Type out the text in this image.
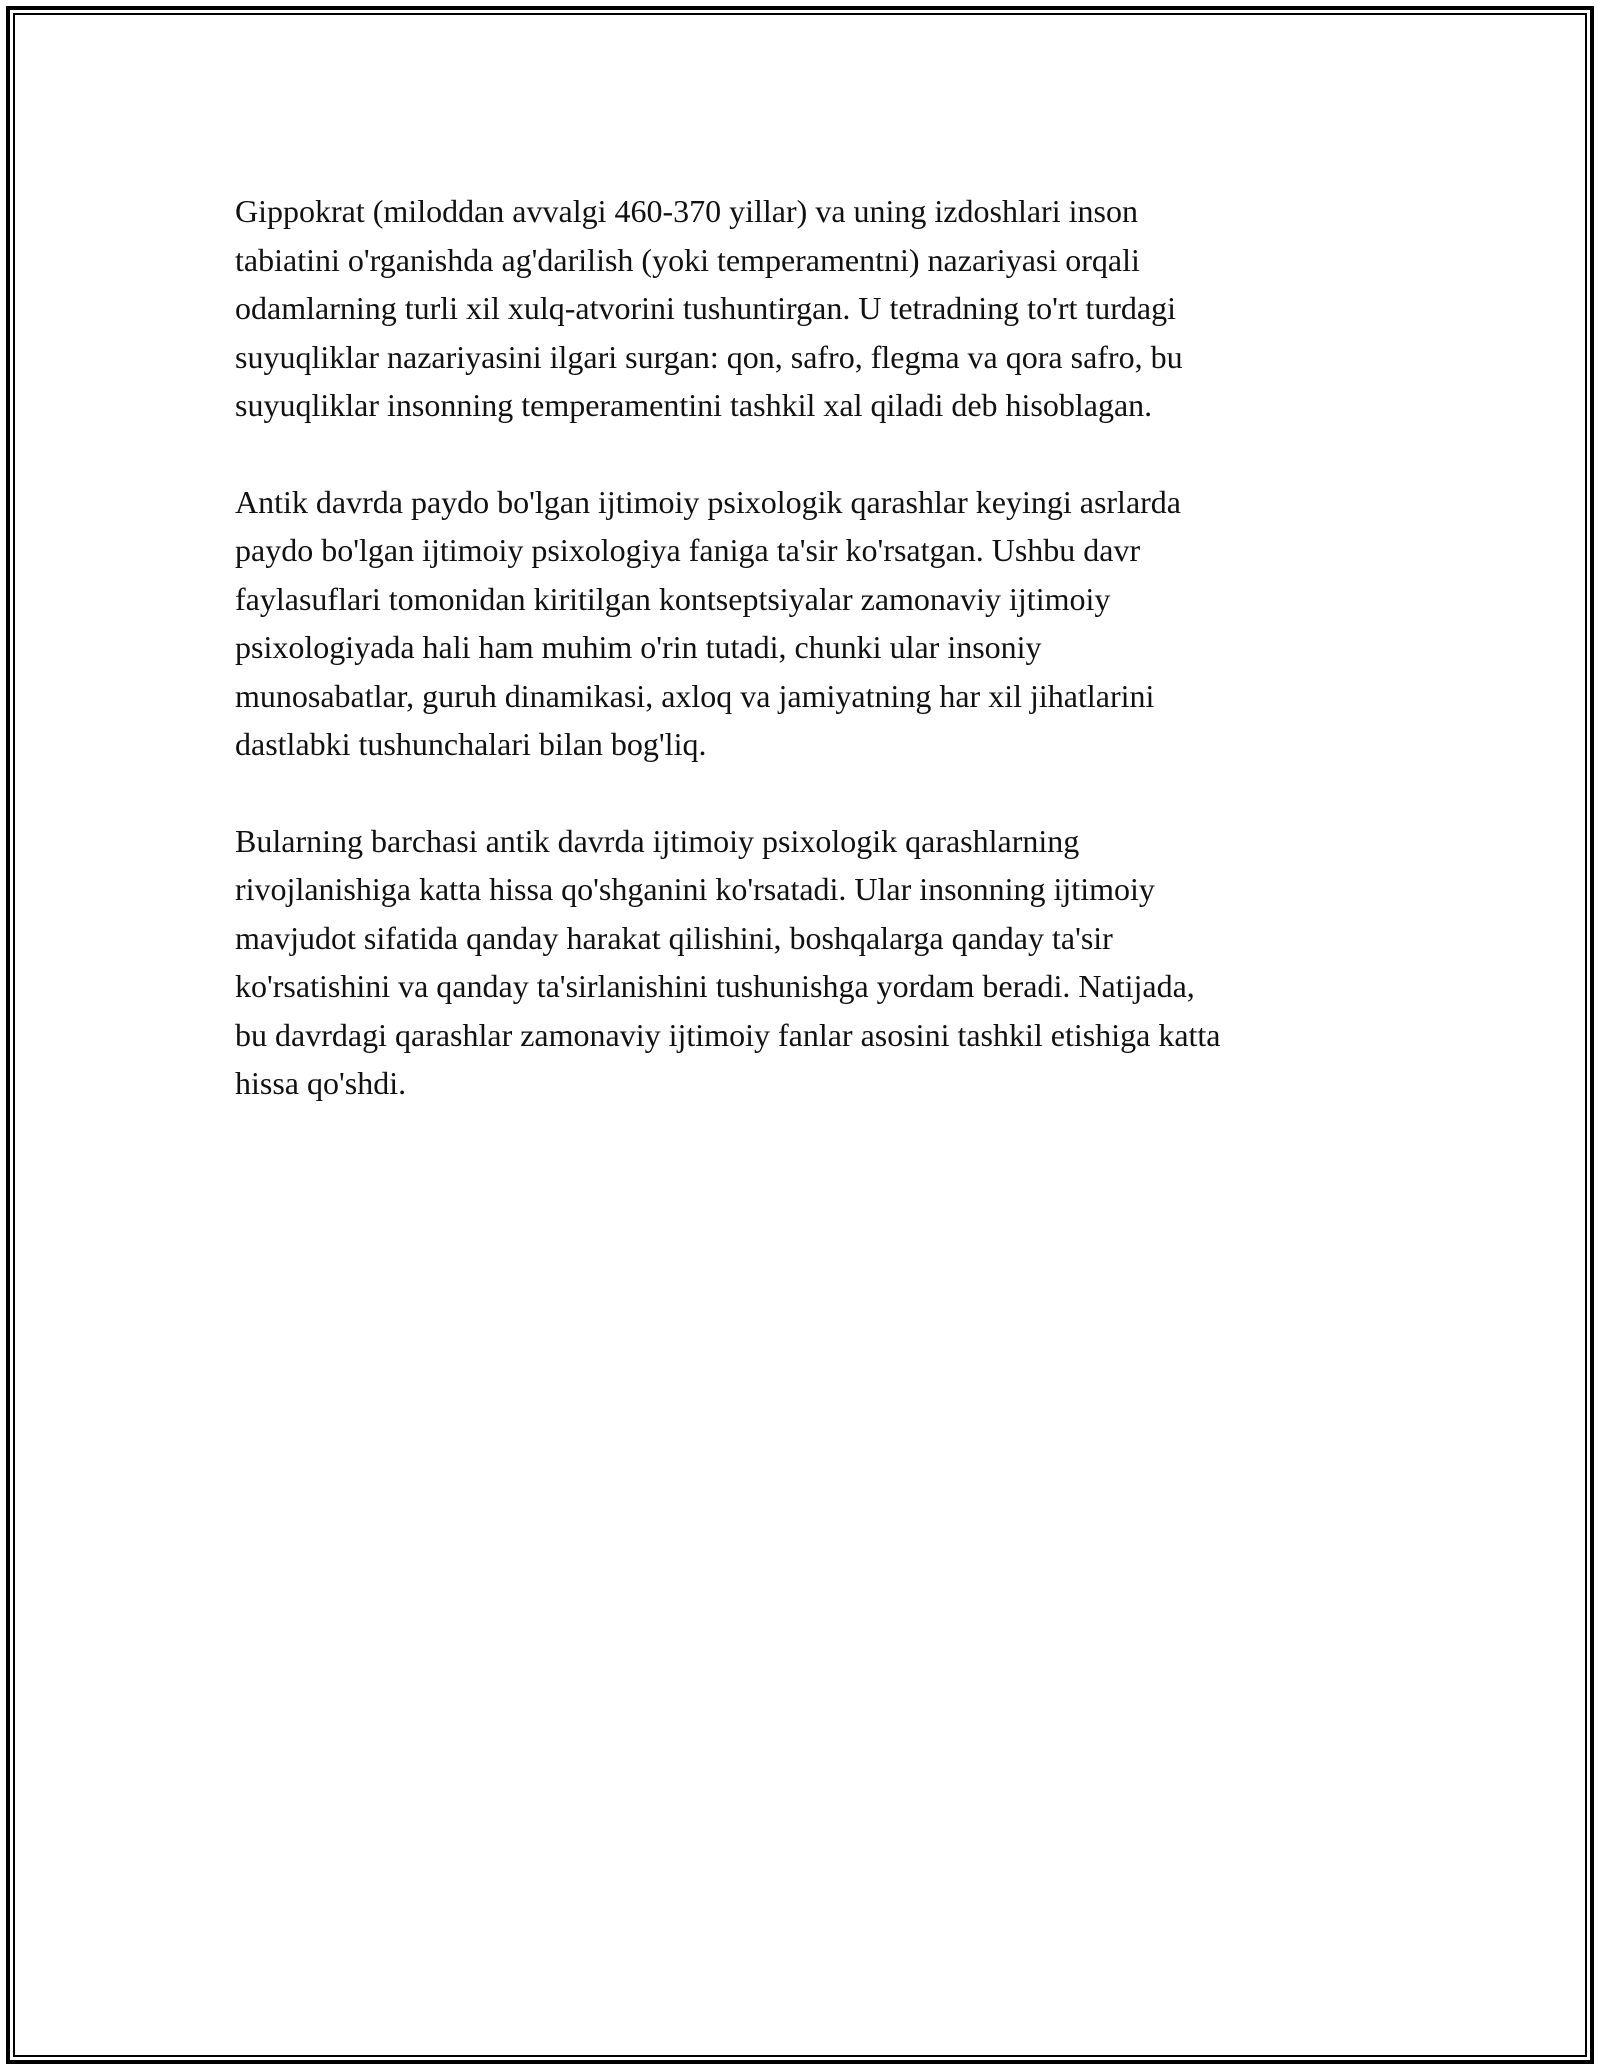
Gippokrat (miloddan avvalgi 460-370 yillar) va uning izdoshlari inson
tabiatini o'rganishda ag'darilish (yoki temperamentni) nazariyasi orqali
odamlarning turli xil xulq-atvorini tushuntirgan. U tetradning to'rt turdagi
suyuqliklar nazariyasini ilgari surgan: qon, safro, flegma va qora safro, bu
suyuqliklar insonning temperamentini tashkil xal qiladi deb hisoblagan.

Antik davrda paydo bo'lgan ijtimoiy psixologik qarashlar keyingi asrlarda
paydo bo'lgan ijtimoiy psixologiya faniga ta'sir ko'rsatgan. Ushbu davr
faylasuflari tomonidan kiritilgan kontseptsiyalar zamonaviy ijtimoiy
psixologiyada hali ham muhim o'rin tutadi, chunki ular insoniy
munosabatlar, guruh dinamikasi, axloq va jamiyatning har xil jihatlarini
dastlabki tushunchalari bilan bog'liq.

Bularning barchasi antik davrda ijtimoiy psixologik qarashlarning
rivojlanishiga katta hissa qo'shganini ko'rsatadi. Ular insonning ijtimoiy
mavjudot sifatida qanday harakat qilishini, boshqalarga qanday ta'sir
ko'rsatishini va qanday ta'sirlanishini tushunishga yordam beradi. Natijada,
bu davrdagi qarashlar zamonaviy ijtimoiy fanlar asosini tashkil etishiga katta
hissa qo'shdi.
